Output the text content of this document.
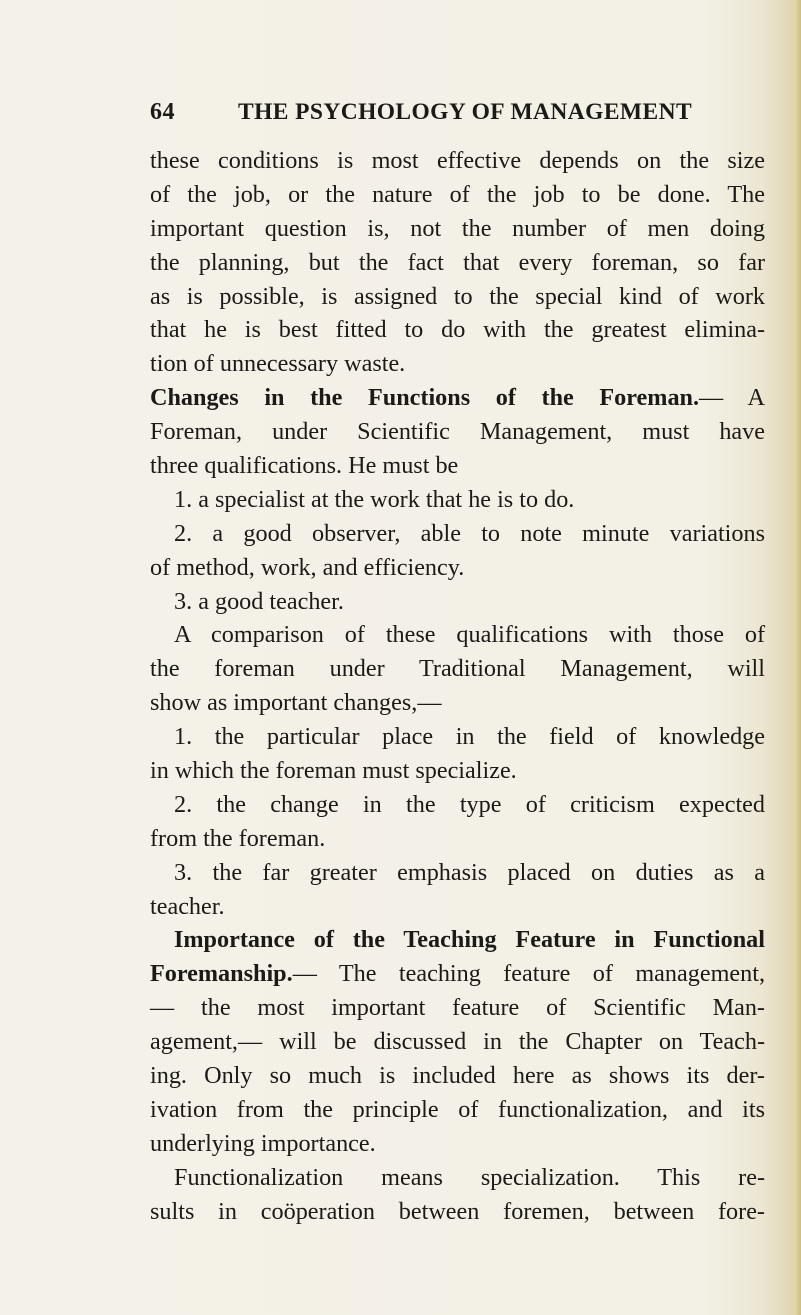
64	THE PSYCHOLOGY OF MANAGEMENT
these conditions is most effective depends on the size
of the job, or the nature of the job to be done. The
important question is, not the number of men doing
the planning, but the fact that every foreman, so far
as is possible, is assigned to the special kind of work
that he is best fitted to do with the greatest elimina-
tion of unnecessary waste.
Changes in the Functions of the Foreman.— A
Foreman, under Scientific Management, must have
three qualifications. He must be
1. a specialist at the work that he is to do.
2. a good observer, able to note minute variations
of method, work, and efficiency.
3. a good teacher.
A comparison of these qualifications with those of
the foreman under Traditional Management, will
show as important changes,—
1. the particular place in the field of knowledge
in which the foreman must specialize.
2. the change in the type of criticism expected
from the foreman.
3. the far greater emphasis placed on duties as a
teacher.
Importance of the Teaching Feature in Functional
Foremanship.— The teaching feature of management,
— the most important feature of Scientific Man-
agement,— will be discussed in the Chapter on Teach-
ing. Only so much is included here as shows its der-
ivation from the principle of functionalization, and its
underlying importance.
Functionalization means specialization. This re-
sults in coöperation between foremen, between fore-
